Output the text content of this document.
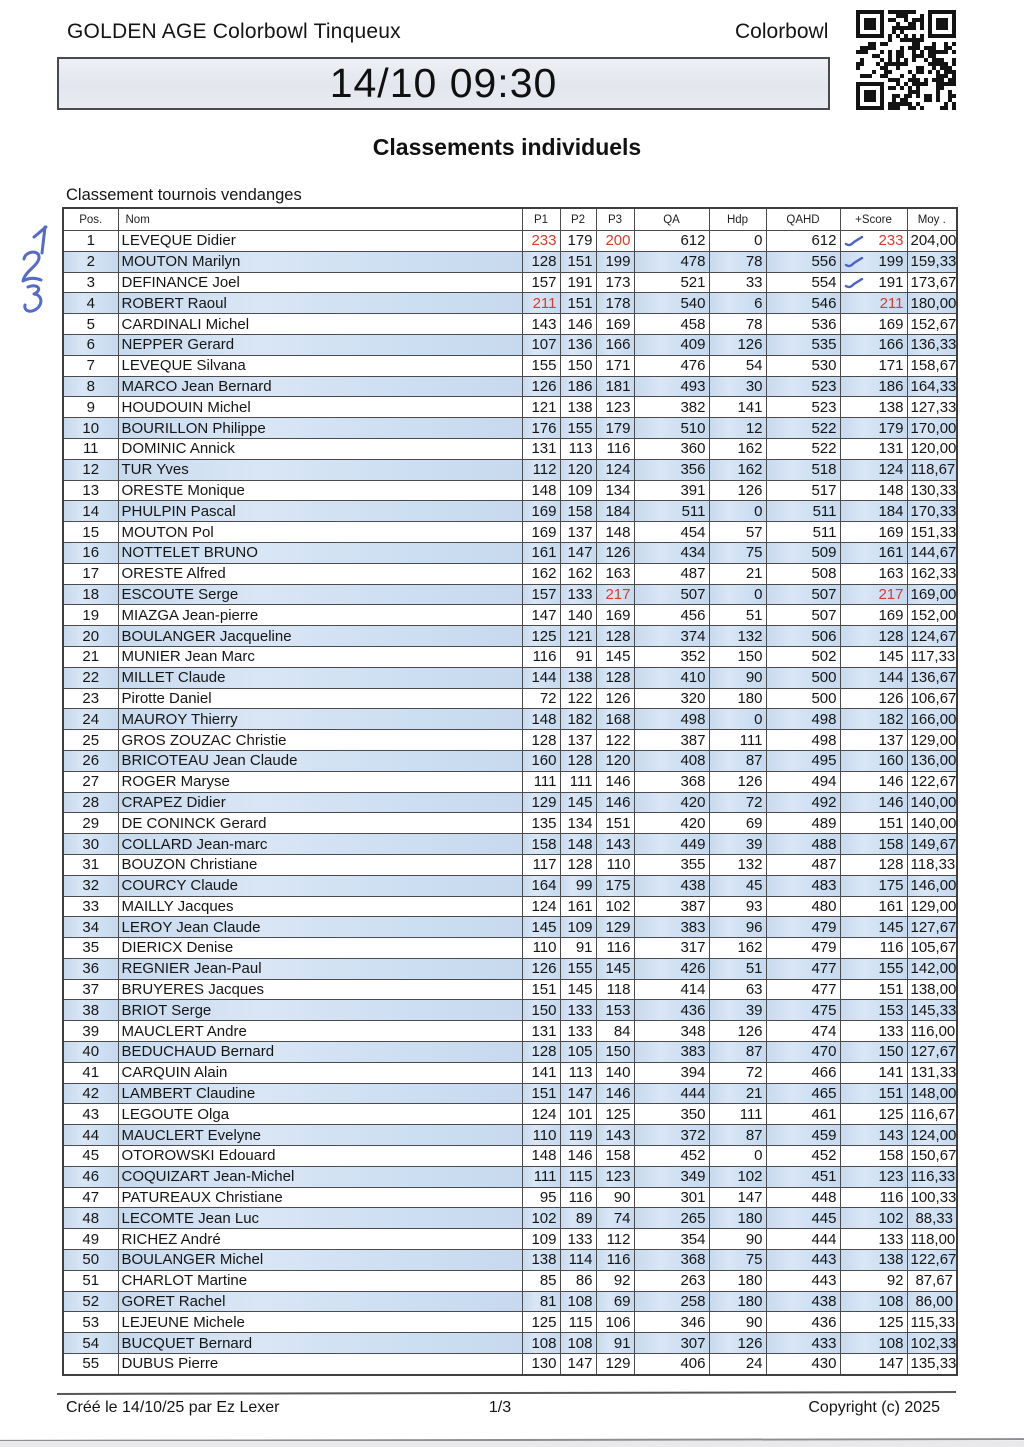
GOLDEN AGE Colorbowl Tinqueux	Colorbowl
14/10 09:30
Classements individuels
Classement tournois vendanges
Pos.	Nom	P1	P2	P3	QA	Hdp	QAHD	+Score	Moy .
1	LEVEQUE Didier	233	179	200	612	0	612	233	204,00
2	MOUTON Marilyn	128	151	199	478	78	556	199	159,33
3	DEFINANCE Joel	157	191	173	521	33	554	191	173,67
4	ROBERT Raoul	211	151	178	540	6	546	211	180,00
5	CARDINALI Michel	143	146	169	458	78	536	169	152,67
6	NEPPER Gerard	107	136	166	409	126	535	166	136,33
7	LEVEQUE Silvana	155	150	171	476	54	530	171	158,67
8	MARCO Jean Bernard	126	186	181	493	30	523	186	164,33
9	HOUDOUIN Michel	121	138	123	382	141	523	138	127,33
10	BOURILLON Philippe	176	155	179	510	12	522	179	170,00
11	DOMINIC Annick	131	113	116	360	162	522	131	120,00
12	TUR Yves	112	120	124	356	162	518	124	118,67
13	ORESTE Monique	148	109	134	391	126	517	148	130,33
14	PHULPIN Pascal	169	158	184	511	0	511	184	170,33
15	MOUTON Pol	169	137	148	454	57	511	169	151,33
16	NOTTELET BRUNO	161	147	126	434	75	509	161	144,67
17	ORESTE Alfred	162	162	163	487	21	508	163	162,33
18	ESCOUTE Serge	157	133	217	507	0	507	217	169,00
19	MIAZGA Jean-pierre	147	140	169	456	51	507	169	152,00
20	BOULANGER Jacqueline	125	121	128	374	132	506	128	124,67
21	MUNIER Jean Marc	116	91	145	352	150	502	145	117,33
22	MILLET Claude	144	138	128	410	90	500	144	136,67
23	Pirotte Daniel	72	122	126	320	180	500	126	106,67
24	MAUROY Thierry	148	182	168	498	0	498	182	166,00
25	GROS ZOUZAC Christie	128	137	122	387	111	498	137	129,00
26	BRICOTEAU Jean Claude	160	128	120	408	87	495	160	136,00
27	ROGER Maryse	111	111	146	368	126	494	146	122,67
28	CRAPEZ Didier	129	145	146	420	72	492	146	140,00
29	DE CONINCK Gerard	135	134	151	420	69	489	151	140,00
30	COLLARD Jean-marc	158	148	143	449	39	488	158	149,67
31	BOUZON Christiane	117	128	110	355	132	487	128	118,33
32	COURCY Claude	164	99	175	438	45	483	175	146,00
33	MAILLY Jacques	124	161	102	387	93	480	161	129,00
34	LEROY Jean Claude	145	109	129	383	96	479	145	127,67
35	DIERICX Denise	110	91	116	317	162	479	116	105,67
36	REGNIER Jean-Paul	126	155	145	426	51	477	155	142,00
37	BRUYERES Jacques	151	145	118	414	63	477	151	138,00
38	BRIOT Serge	150	133	153	436	39	475	153	145,33
39	MAUCLERT Andre	131	133	84	348	126	474	133	116,00
40	BEDUCHAUD Bernard	128	105	150	383	87	470	150	127,67
41	CARQUIN Alain	141	113	140	394	72	466	141	131,33
42	LAMBERT Claudine	151	147	146	444	21	465	151	148,00
43	LEGOUTE Olga	124	101	125	350	111	461	125	116,67
44	MAUCLERT Evelyne	110	119	143	372	87	459	143	124,00
45	OTOROWSKI Edouard	148	146	158	452	0	452	158	150,67
46	COQUIZART Jean-Michel	111	115	123	349	102	451	123	116,33
47	PATUREAUX Christiane	95	116	90	301	147	448	116	100,33
48	LECOMTE Jean Luc	102	89	74	265	180	445	102	88,33
49	RICHEZ André	109	133	112	354	90	444	133	118,00
50	BOULANGER Michel	138	114	116	368	75	443	138	122,67
51	CHARLOT Martine	85	86	92	263	180	443	92	87,67
52	GORET Rachel	81	108	69	258	180	438	108	86,00
53	LEJEUNE Michele	125	115	106	346	90	436	125	115,33
54	BUCQUET Bernard	108	108	91	307	126	433	108	102,33
55	DUBUS Pierre	130	147	129	406	24	430	147	135,33
Créé le 14/10/25 par Ez Lexer	1/3	Copyright (c) 2025
